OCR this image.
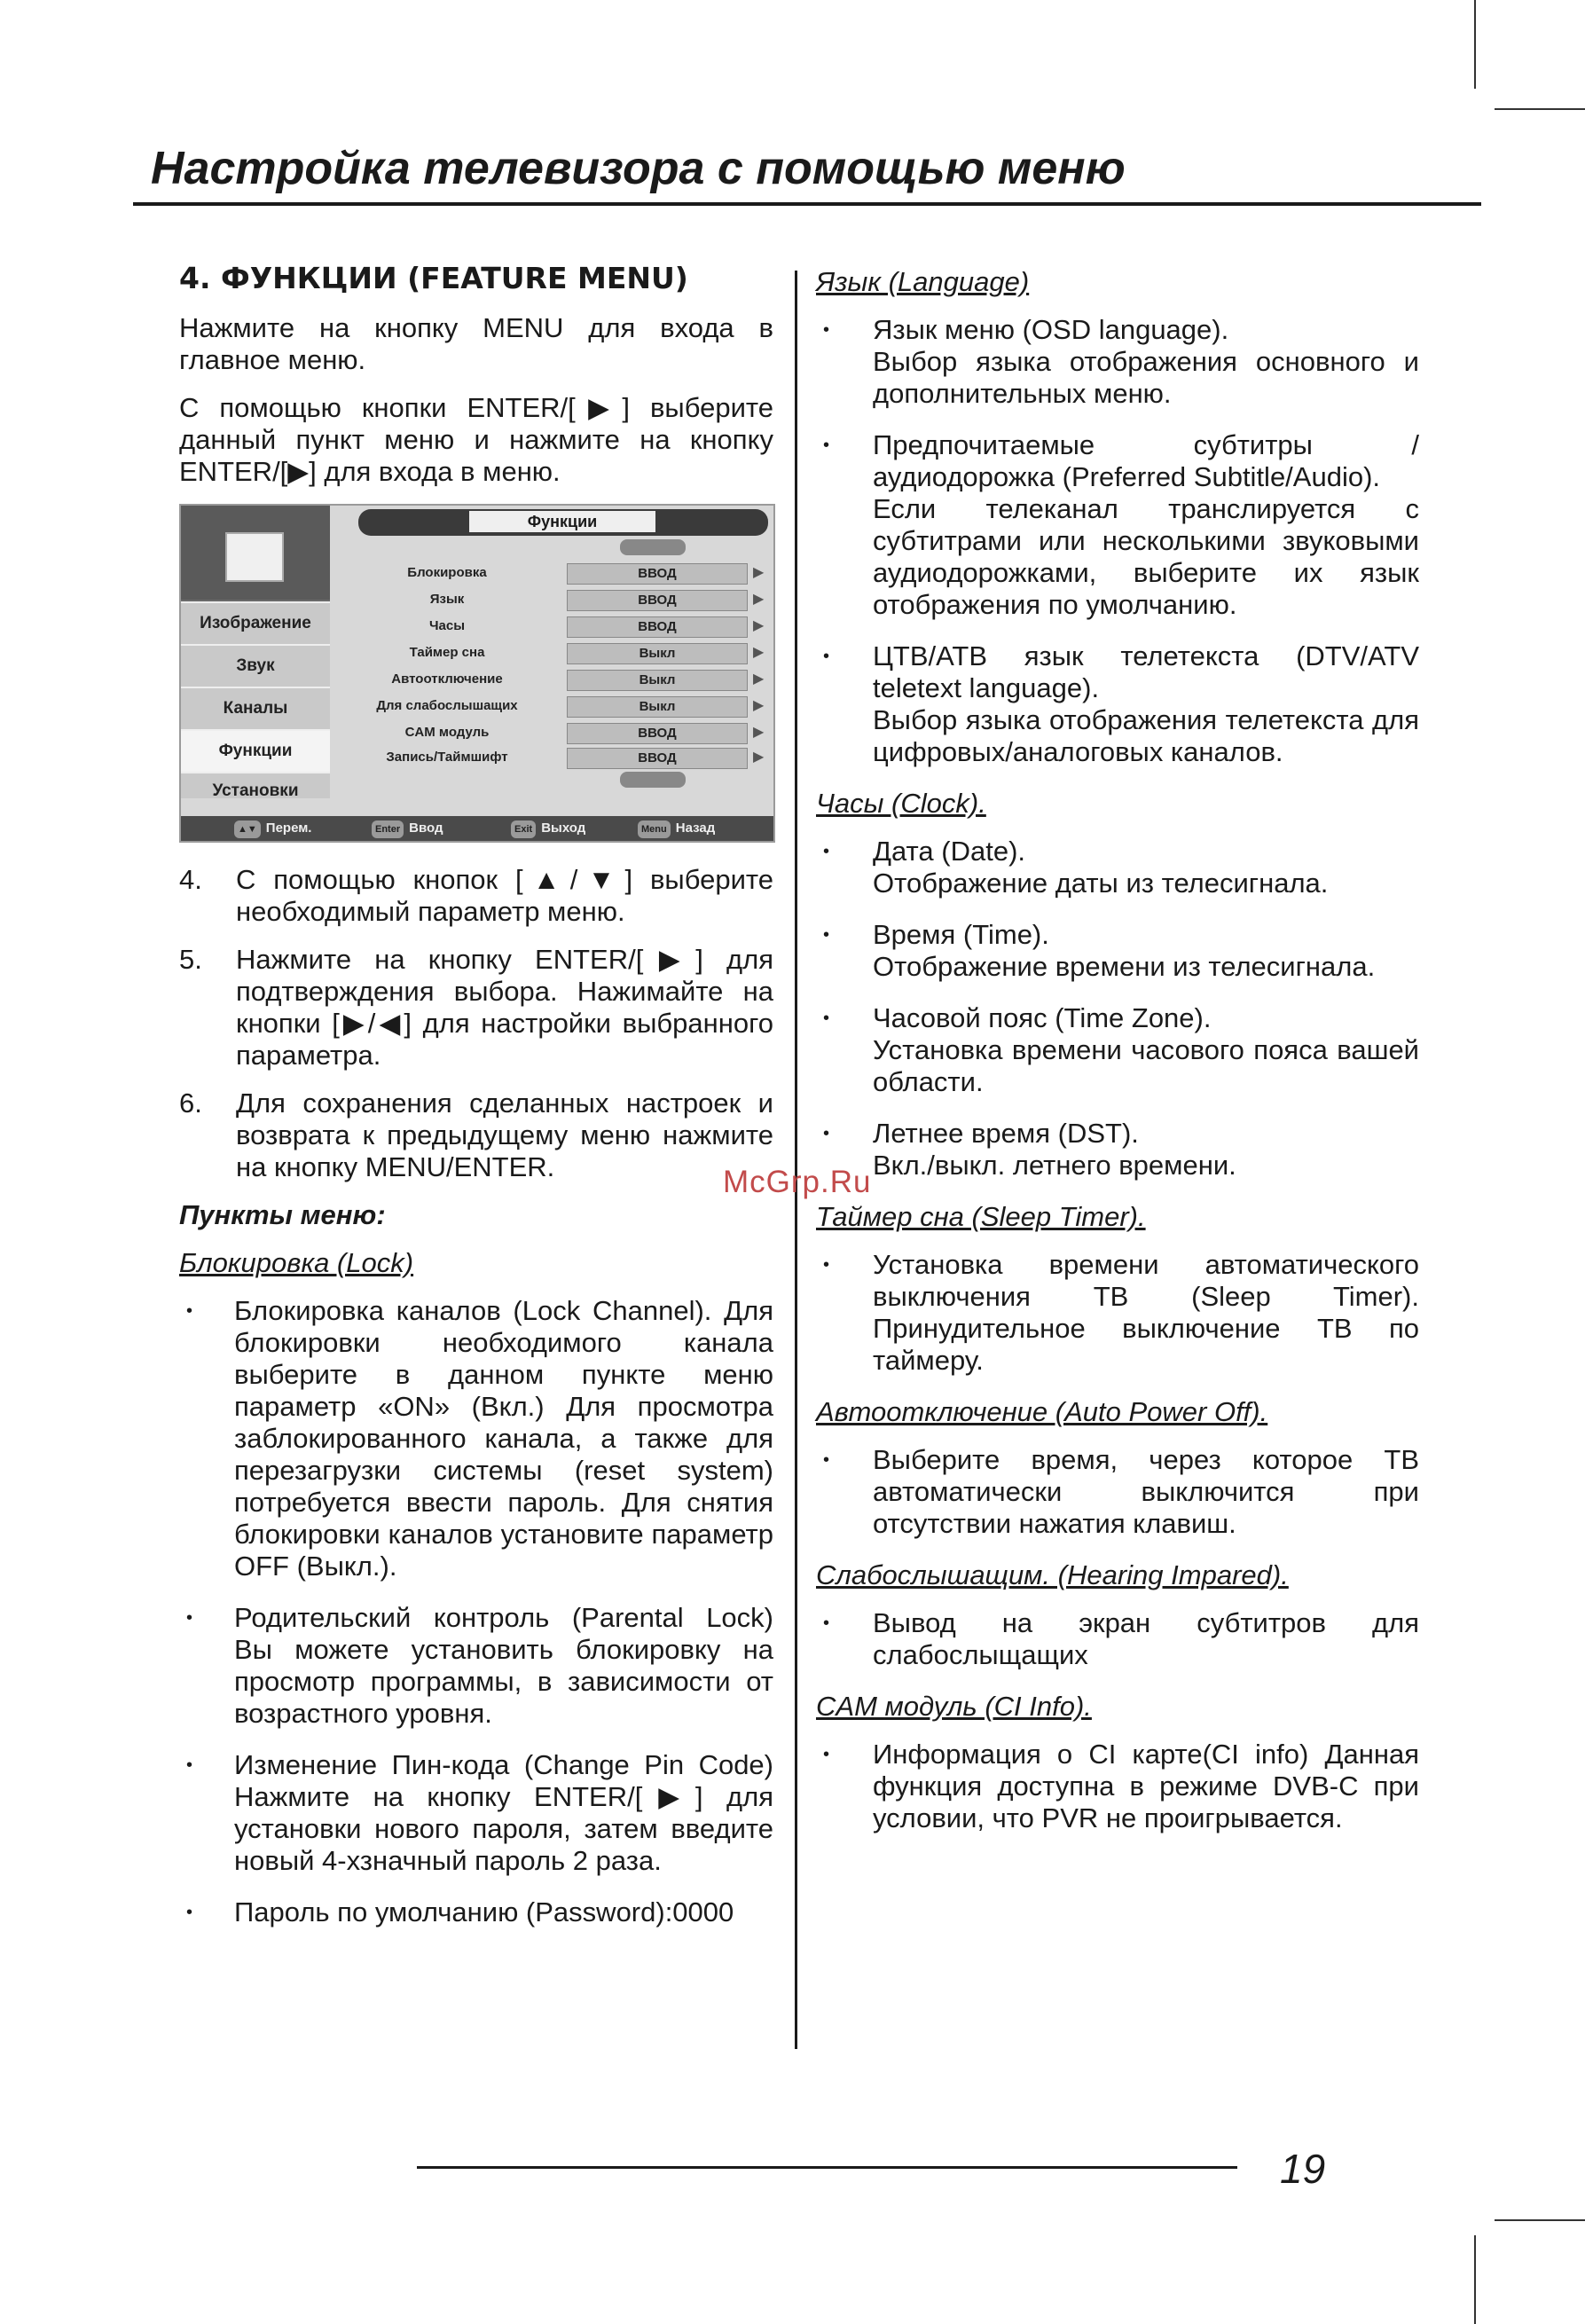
Настройка телевизора с помощью меню
4. ФУНКЦИИ (FEATURE MENU)

Нажмите на кнопку MENU для входа в главное меню.

С помощью кнопки ENTER/[▶] выберите данный пункт меню и нажмите на кнопку ENTER/[▶] для входа в меню.

Изображение
Звук
Каналы
Функции
Установки
Функции
Блокировка	ВВОД	▶
Язык	ВВОД	▶
Часы	ВВОД	▶
Таймер сна	Выкл	▶
Автоотключение	Выкл	▶
Для слабослышащих	Выкл	▶
CAM модуль	ВВОД	▶
Запись/Таймшифт	ВВОД	▶
▲▼ Перем.	Enter Ввод	Exit Выход	Menu Назад
4. С помощью кнопок [▲/▼] выберите необходимый параметр меню.
5. Нажмите на кнопку ENTER/[▶] для подтверждения выбора. Нажимайте на кнопки [▶/◀] для настройки выбранного параметра.
6. Для сохранения сделанных настроек и возврата к предыдущему меню нажмите на кнопку MENU/ENTER.
Пункты меню:
Блокировка (Lock)
• Блокировка каналов (Lock Channel). Для блокировки необходимого канала выберите в данном пункте меню параметр «ON» (Вкл.) Для просмотра заблокированного канала, а также для перезагрузки системы (reset system) потребуется ввести пароль. Для снятия блокировки каналов установите параметр OFF (Выкл.).
• Родительский контроль (Parental Lock) Вы можете установить блокировку на просмотр программы, в зависимости от возрастного уровня.
• Изменение Пин-кода (Change Pin Code) Нажмите на кнопку ENTER/[▶] для установки нового пароля, затем введите новый 4-хзначный пароль 2 раза.
• Пароль по умолчанию (Password):0000
Язык (Language)
• Язык меню (OSD language).
Выбор языка отображения основного и дополнительных меню.
• Предпочитаемые субтитры / аудиодорожка (Preferred Subtitle/Audio).
Если телеканал транслируется с субтитрами или несколькими звуковыми аудиодорожками, выберите их язык отображения по умолчанию.
• ЦТВ/АТВ язык телетекста (DTV/ATV teletext language).
Выбор языка отображения телетекста для цифровых/аналоговых каналов.
Часы (Clock).
• Дата (Date).
Отображение даты из телесигнала.
• Время (Time).
Отображение времени из телесигнала.
• Часовой пояс (Time Zone).
Установка времени часового пояса вашей области.
• Летнее время (DST).
Вкл./выкл. летнего времени.
Таймер сна (Sleep Timer).
• Установка времени автоматического выключения ТВ (Sleep Timer). Принудительное выключение ТВ по таймеру.
Автоотключение (Auto Power Off).
• Выберите время, через которое ТВ автоматически выключится при отсутствии нажатия клавиш.
Слабослышащим. (Hearing Impared).
• Вывод на экран субтитров для слабослыщащих
CAM модуль (CI Info).
• Информация о CI карте(CI info) Данная функция доступна в режиме DVB-C при условии, что PVR не проигрывается.
McGrp.Ru
19
